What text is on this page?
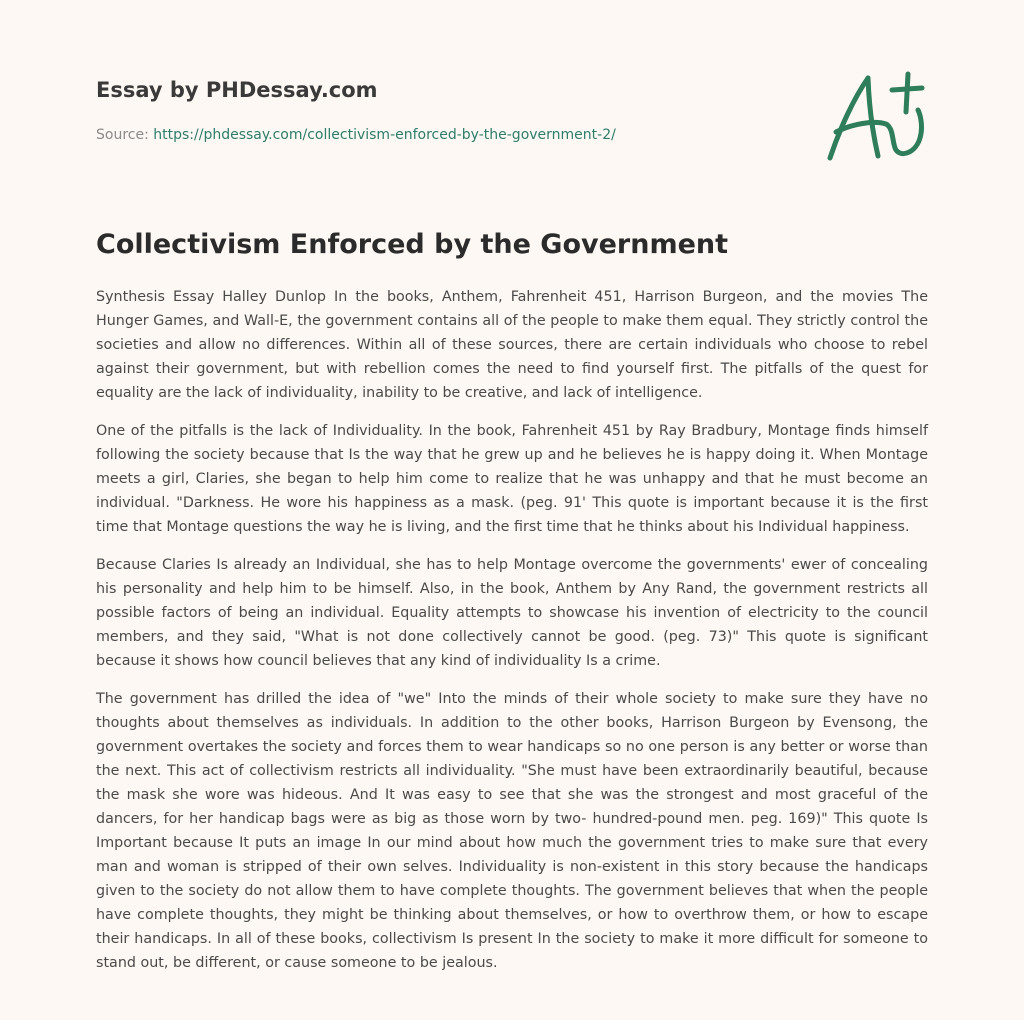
Essay by PHDessay.com
Source: https://phdessay.com/collectivism-enforced-by-the-government-2/
Collectivism Enforced by the Government

Synthesis Essay Halley Dunlop In the books, Anthem, Fahrenheit 451, Harrison Burgeon, and the movies The Hunger Games, and Wall-E, the government contains all of the people to make them equal. They strictly control the societies and allow no differences. Within all of these sources, there are certain individuals who choose to rebel against their government, but with rebellion comes the need to find yourself first. The pitfalls of the quest for equality are the lack of individuality, inability to be creative, and lack of intelligence.

One of the pitfalls is the lack of Individuality. In the book, Fahrenheit 451 by Ray Bradbury, Montage finds himself following the society because that Is the way that he grew up and he believes he is happy doing it. When Montage meets a girl, Claries, she began to help him come to realize that he was unhappy and that he must become an individual. "Darkness. He wore his happiness as a mask. (peg. 91' This quote is important because it is the first time that Montage questions the way he is living, and the first time that he thinks about his Individual happiness.

Because Claries Is already an Individual, she has to help Montage overcome the governments' ewer of concealing his personality and help him to be himself. Also, in the book, Anthem by Any Rand, the government restricts all possible factors of being an individual. Equality attempts to showcase his invention of electricity to the council members, and they said, "What is not done collectively cannot be good. (peg. 73)" This quote is significant because it shows how council believes that any kind of individuality Is a crime.

The government has drilled the idea of "we" Into the minds of their whole society to make sure they have no thoughts about themselves as individuals. In addition to the other books, Harrison Burgeon by Evensong, the government overtakes the society and forces them to wear handicaps so no one person is any better or worse than the next. This act of collectivism restricts all individuality. "She must have been extraordinarily beautiful, because the mask she wore was hideous. And It was easy to see that she was the strongest and most graceful of the dancers, for her handicap bags were as big as those worn by two- hundred-pound men. peg. 169)" This quote Is Important because It puts an image In our mind about how much the government tries to make sure that every man and woman is stripped of their own selves. Individuality is non-existent in this story because the handicaps given to the society do not allow them to have complete thoughts. The government believes that when the people have complete thoughts, they might be thinking about themselves, or how to overthrow them, or how to escape their handicaps. In all of these books, collectivism Is present In the society to make it more difficult for someone to stand out, be different, or cause someone to be jealous.
